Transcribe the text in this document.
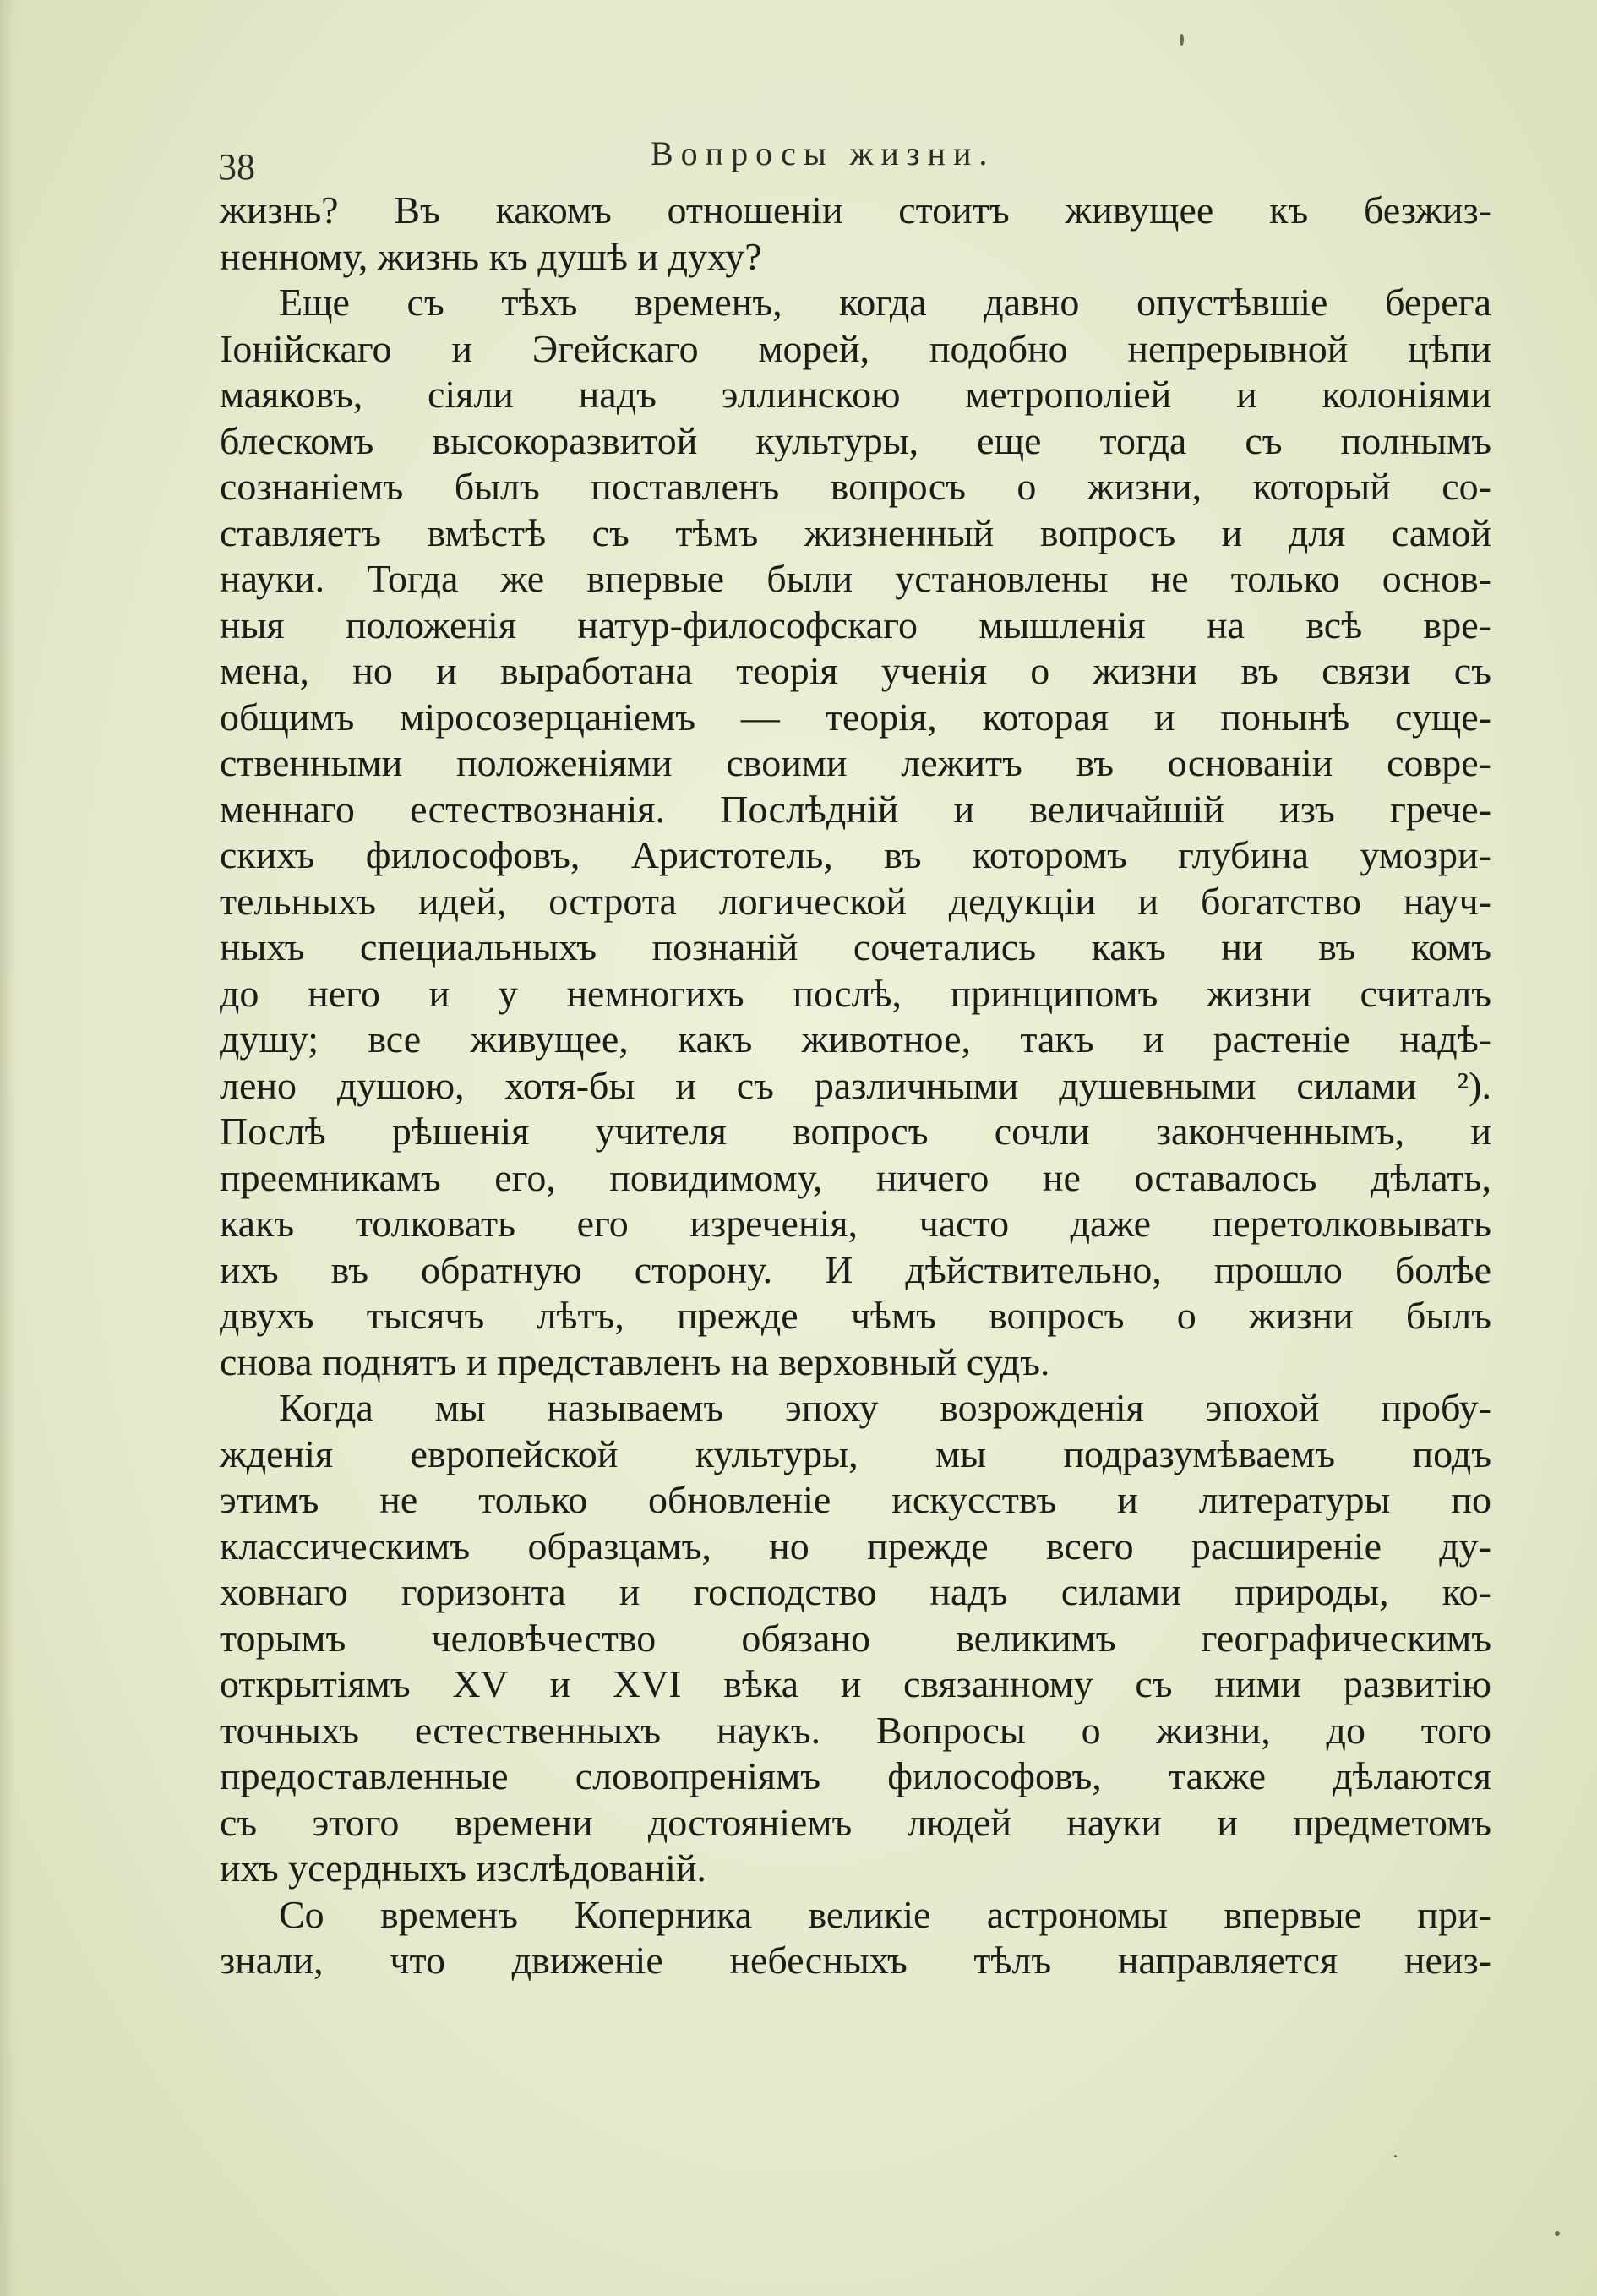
38	Вопросы жизни.
жизнь? Въ какомъ отношенiи стоитъ живущее къ безжиз-
ненному, жизнь къ душѣ и духу?
Еще съ тѣхъ временъ, когда давно опустѣвшiе берега
Iонiйскаго и Эгейскаго морей, подобно непрерывной цѣпи
маяковъ, сiяли надъ эллинскою метрополiей и колонiями
блескомъ высокоразвитой культуры, еще тогда съ полнымъ
сознанiемъ былъ поставленъ вопросъ о жизни, который со-
ставляетъ вмѣстѣ съ тѣмъ жизненный вопросъ и для самой
науки. Тогда же впервые были установлены не только основ-
ныя положенiя натур-философскаго мышленiя на всѣ вре-
мена, но и выработана теорiя ученiя о жизни въ связи съ
общимъ мiросозерцанiемъ — теорiя, которая и понынѣ суще-
ственными положенiями своими лежитъ въ основанiи совре-
меннаго естествознанiя. Послѣднiй и величайшiй изъ грече-
скихъ философовъ, Аристотель, въ которомъ глубина умозри-
тельныхъ идей, острота логической дедукцiи и богатство науч-
ныхъ специальныхъ познанiй сочетались какъ ни въ комъ
до него и у немногихъ послѣ, принципомъ жизни считалъ
душу; все живущее, какъ животное, такъ и растенiе надѣ-
лено душою, хотя-бы и съ различными душевными силами ²).
Послѣ рѣшенiя учителя вопросъ сочли законченнымъ, и
преемникамъ его, повидимому, ничего не оставалось дѣлать,
какъ толковать его изреченiя, часто даже перетолковывать
ихъ въ обратную сторону. И дѣйствительно, прошло болѣе
двухъ тысячъ лѣтъ, прежде чѣмъ вопросъ о жизни былъ
снова поднятъ и представленъ на верховный судъ.
Когда мы называемъ эпоху возрожденiя эпохой пробу-
жденiя европейской культуры, мы подразумѣваемъ подъ
этимъ не только обновленiе искусствъ и литературы по
классическимъ образцамъ, но прежде всего расширенiе ду-
ховнаго горизонта и господство надъ силами природы, ко-
торымъ человѣчество обязано великимъ географическимъ
открытiямъ XV и XVI вѣка и связанному съ ними развитiю
точныхъ естественныхъ наукъ. Вопросы о жизни, до того
предоставленные словопренiямъ философовъ, также дѣлаются
съ этого времени достоянiемъ людей науки и предметомъ
ихъ усердныхъ изслѣдованiй.
Со временъ Коперника великiе астрономы впервые при-
знали, что движенiе небесныхъ тѣлъ направляется неиз-
